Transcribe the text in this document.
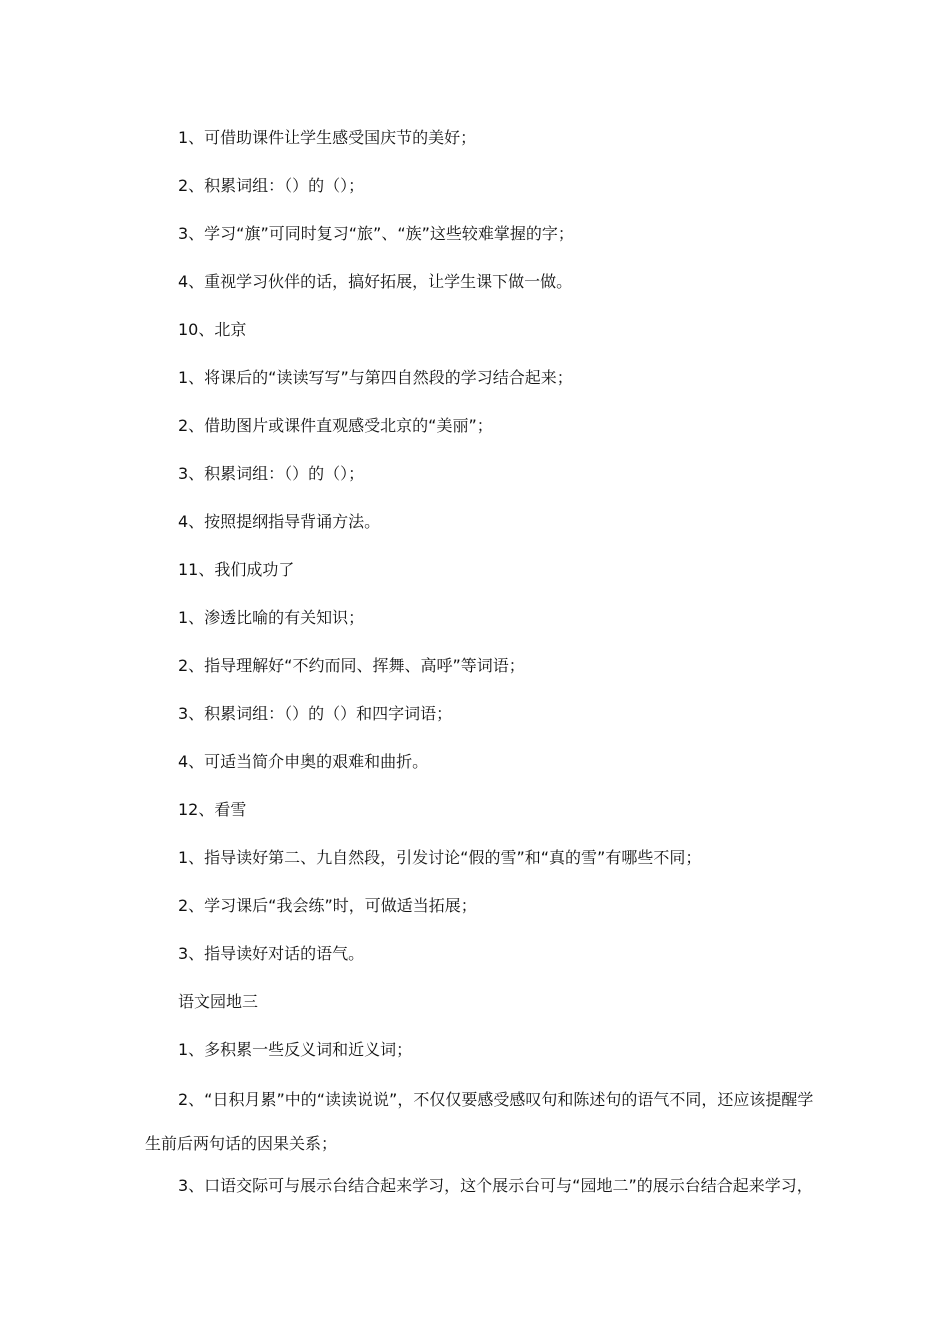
1、可借助课件让学生感受国庆节的美好；
2、积累词组：（）的（）；
3、学习“旗”可同时复习“旅”、“族”这些较难掌握的字；
4、重视学习伙伴的话，搞好拓展，让学生课下做一做。
10、北京
1、将课后的“读读写写”与第四自然段的学习结合起来；
2、借助图片或课件直观感受北京的“美丽”；
3、积累词组：（）的（）；
4、按照提纲指导背诵方法。
11、我们成功了
1、渗透比喻的有关知识；
2、指导理解好“不约而同、挥舞、高呼”等词语；
3、积累词组：（）的（）和四字词语；
4、可适当简介申奥的艰难和曲折。
12、看雪
1、指导读好第二、九自然段，引发讨论“假的雪”和“真的雪”有哪些不同；
2、学习课后“我会练”时，可做适当拓展；
3、指导读好对话的语气。
语文园地三
1、多积累一些反义词和近义词；
2、“日积月累”中的“读读说说”，不仅仅要感受感叹句和陈述句的语气不同，还应该提醒学生前后两句话的因果关系；
3、口语交际可与展示台结合起来学习，这个展示台可与“园地二”的展示台结合起来学习，
